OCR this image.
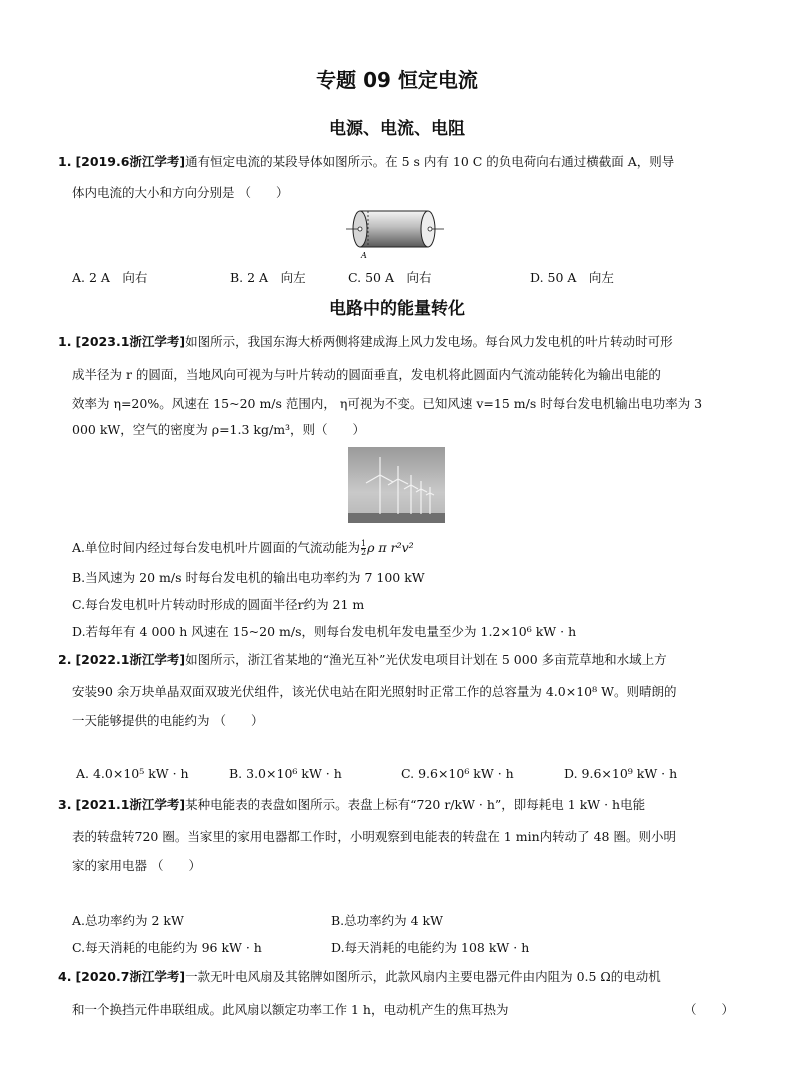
专题 09 恒定电流
电源、电流、电阻
1. [2019.6浙江学考]通有恒定电流的某段导体如图所示。在 5 s 内有 10 C 的负电荷向右通过横截面 A，则导
体内电流的大小和方向分别是 （　　）
A
A. 2 A　向右	B. 2 A　向左	C. 50 A　向右	D. 50 A　向左
电路中的能量转化
1. [2023.1浙江学考]如图所示，我国东海大桥两侧将建成海上风力发电场。每台风力发电机的叶片转动时可形
成半径为 r 的圆面，当地风向可视为与叶片转动的圆面垂直，发电机将此圆面内气流动能转化为输出电能的
效率为 η=20%。风速在 15~20 m/s 范围内， η可视为不变。已知风速 v=15 m/s 时每台发电机输出电功率为 3
000 kW，空气的密度为 ρ=1.3 kg/m³，则（　　）
A.单位时间内经过每台发电机叶片圆面的气流动能为 $\frac{1}{2}$ ρ π r²v²
B.当风速为 20 m/s 时每台发电机的输出电功率约为 7 100 kW
C.每台发电机叶片转动时形成的圆面半径r约为 21 m
D.若每年有 4 000 h 风速在 15~20 m/s，则每台发电机年发电量至少为 1.2×10⁶ kW · h
2. [2022.1浙江学考]如图所示，浙江省某地的“渔光互补”光伏发电项目计划在 5 000 多亩荒草地和水域上方
安装90 余万块单晶双面双玻光伏组件，该光伏电站在阳光照射时正常工作的总容量为 4.0×10⁸ W。则晴朗的
一天能够提供的电能约为 （　　）
A. 4.0×10⁵ kW · h	B. 3.0×10⁶ kW · h	C. 9.6×10⁶ kW · h	D. 9.6×10⁹ kW · h
3. [2021.1浙江学考]某种电能表的表盘如图所示。表盘上标有“720 r/kW · h”，即每耗电 1 kW · h电能
表的转盘转720 圈。当家里的家用电器都工作时，小明观察到电能表的转盘在 1 min内转动了 48 圈。则小明
家的家用电器 （　　）
A.总功率约为 2 kW	B.总功率约为 4 kW
C.每天消耗的电能约为 96 kW · h	D.每天消耗的电能约为 108 kW · h
4. [2020.7浙江学考]一款无叶电风扇及其铭牌如图所示，此款风扇内主要电器元件由内阻为 0.5 Ω的电动机
和一个换挡元件串联组成。此风扇以额定功率工作 1 h，电动机产生的焦耳热为	（　　）
